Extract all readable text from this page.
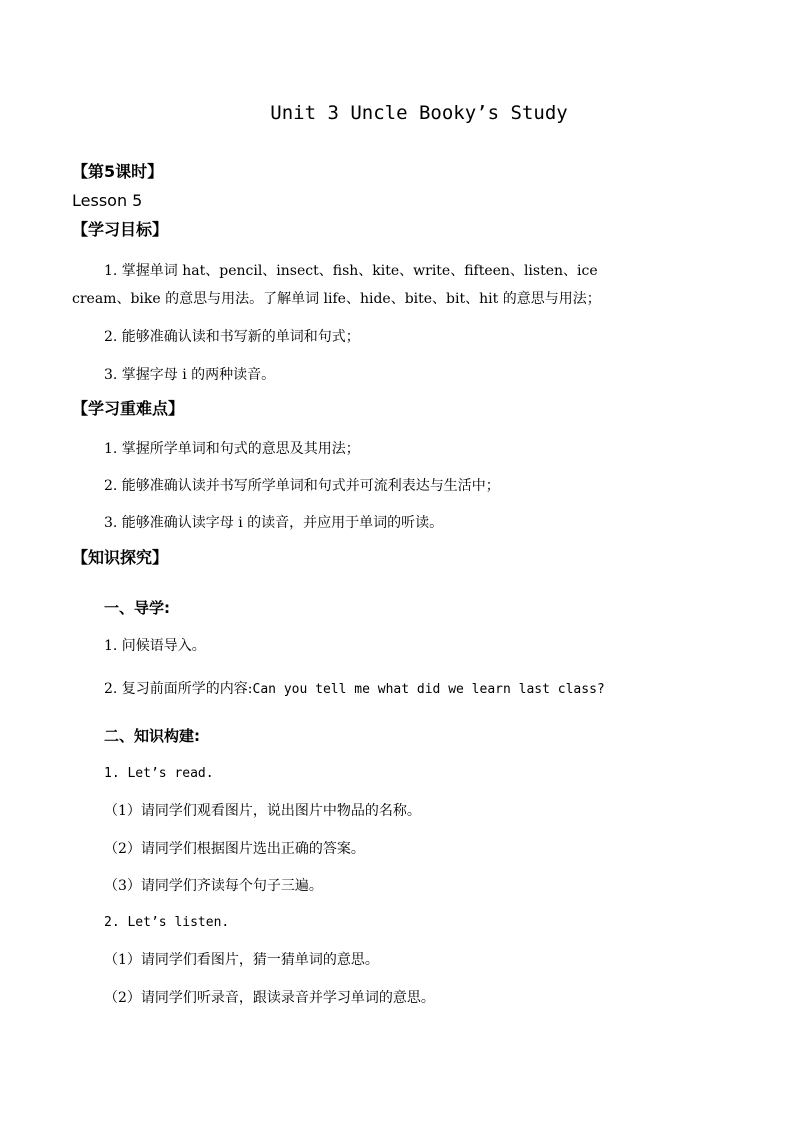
Unit 3 Uncle Booky’s Study
【第5课时】
Lesson 5
【学习目标】
1. 掌握单词 hat、pencil、insect、fish、kite、write、fifteen、listen、ice
cream、bike 的意思与用法。了解单词 life、hide、bite、bit、hit 的意思与用法；
2. 能够准确认读和书写新的单词和句式；
3. 掌握字母 i 的两种读音。
【学习重难点】
1. 掌握所学单词和句式的意思及其用法；
2. 能够准确认读并书写所学单词和句式并可流利表达与生活中；
3. 能够准确认读字母 i 的读音，并应用于单词的听读。
【知识探究】
一、导学:
1. 问候语导入。
2. 复习前面所学的内容:Can you tell me what did we learn last class?
二、知识构建:
1. Let’s read.
（1）请同学们观看图片，说出图片中物品的名称。
（2）请同学们根据图片选出正确的答案。
（3）请同学们齐读每个句子三遍。
2. Let’s listen.
（1）请同学们看图片，猜一猜单词的意思。
（2）请同学们听录音，跟读录音并学习单词的意思。
